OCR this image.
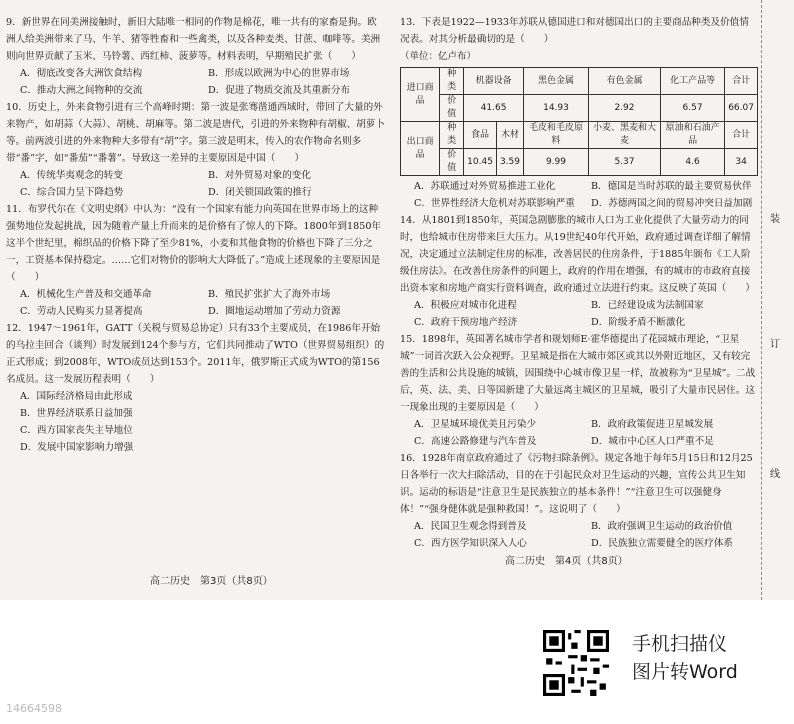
9．新世界在同美洲接触时，新旧大陆唯一相同的作物是棉花，唯一共有的家畜是狗。欧洲人给美洲带来了马、牛羊、猪等牲畜和一些禽类，以及各种麦类、甘蔗、咖啡等。美洲则向世界贡献了玉米、马铃薯、西红柿、菠萝等。材料表明，早期殖民扩张（　　）
A．彻底改变各大洲饮食结构	B．形成以欧洲为中心的世界市场
C．推动大洲之间物种的交流	D．促进了物质交流及其重新分布
10．历史上，外来食物引进有三个高峰时期：第一波是张骞凿通西域时，带回了大量的外来物产，如胡蒜（大蒜）、胡桃、胡麻等。第二波是唐代，引进的外来物种有胡椒、胡萝卜等。前两波引进的外来物种大多带有“胡”字。第三波是明末，传入的农作物命名则多带“番”字，如“番茄”“番薯”。导致这一差异的主要原因是中国（　　）
A．传统华夷观念的转变	B．对外贸易对象的变化
C．综合国力呈下降趋势	D．闭关锁国政策的推行
11．布罗代尔在《文明史纲》中认为：“没有一个国家有能力向英国在世界市场上的这种强势地位发起挑战，因为随着产量上升而来的是价格有了惊人的下降。1800年到1850年这半个世纪里，棉织品的价格下降了至少81%，小麦和其他食物的价格也下降了三分之一，工资基本保持稳定。……它们对物价的影响大大降低了。”造成上述现象的主要原因是（　　）
A．机械化生产普及和交通革命	B．殖民扩张扩大了海外市场
C．劳动人民购买力显著提高	D．圈地运动增加了劳动力资源
12．1947～1961年，GATT（关税与贸易总协定）只有33个主要成员，在1986年开始的乌拉圭回合（谈判）时发展到124个参与方，它们共同推动了WTO（世界贸易组织）的正式形成；到2008年，WTO成员达到153个。2011年，俄罗斯正式成为WTO的第156名成员。这一发展历程表明（　　）
A．国际经济格局由此形成
B．世界经济联系日益加强
C．西方国家丧失主导地位
D．发展中国家影响力增强
高二历史　第3页（共8页）
13．下表是1922—1933年苏联从德国进口和对德国出口的主要商品种类及价值情况表。对其分析最确切的是（　　）
（单位：亿卢布）
进口商品	种类	机器设备		黑色金属	有色金属	化工产品等	合计
	价值	41.65		14.93	2.92	6.57	66.07
出口商品	种类	食品	木材	毛皮和毛皮原料	小麦、黑麦和大麦	原油和石油产品	合计
	价值	10.45	3.59	9.99	5.37	4.6	34
A．苏联通过对外贸易推进工业化	B．德国是当时苏联的最主要贸易伙伴
C．世界性经济大危机对苏联影响严重	D．苏德两国之间的贸易冲突日益加剧
14．从1801到1850年，英国急剧膨胀的城市人口为工业化提供了大量劳动力的同时，也给城市住房带来巨大压力。从19世纪40年代开始，政府通过调查详细了解情况，决定通过立法制定住房的标准，改善居民的住房条件，于1885年颁布《工人阶级住房法》。在改善住房条件的问题上，政府的作用在增强，有的城市的市政府直接出资本家和房地产商实行资料调查，政府通过立法进行约束。这反映了英国（　　）
A．积极应对城市化进程	B．已经建设成为法制国家
C．政府干预房地产经济	D．阶级矛盾不断激化
15．1898年，英国著名城市学者和规划师E·霍华德提出了花园城市理论，“卫星城”一词首次跃入公众视野。卫星城是指在大城市郊区或其以外附近地区，又有较完善的生活和公共设施的城镇，因围绕中心城市像卫星一样，故被称为“卫星城”。二战后，英、法、美、日等国新建了大量远离主城区的卫星城，吸引了大量市民居住。这一现象出现的主要原因是（　　）
A．卫星城环境优美且污染少	B．政府政策促进卫星城发展
C．高速公路修建与汽车普及	D．城市中心区人口严重不足
16．1928年南京政府通过了《污物扫除条例》。规定各地于每年5月15日和12月25日各举行一次大扫除活动，目的在于引起民众对卫生运动的兴趣，宣传公共卫生知识。运动的标语是“注意卫生是民族独立的基本条件！”“注意卫生可以强健身体！”“强身健体就是强种救国！”。这说明了（　　）
A．民国卫生观念得到普及	B．政府强调卫生运动的政治价值
C．西方医学知识深入人心	D．民族独立需要健全的医疗体系
高二历史　第4页（共8页）
装
订
线
手机扫描仪
图片转Word
14664598
